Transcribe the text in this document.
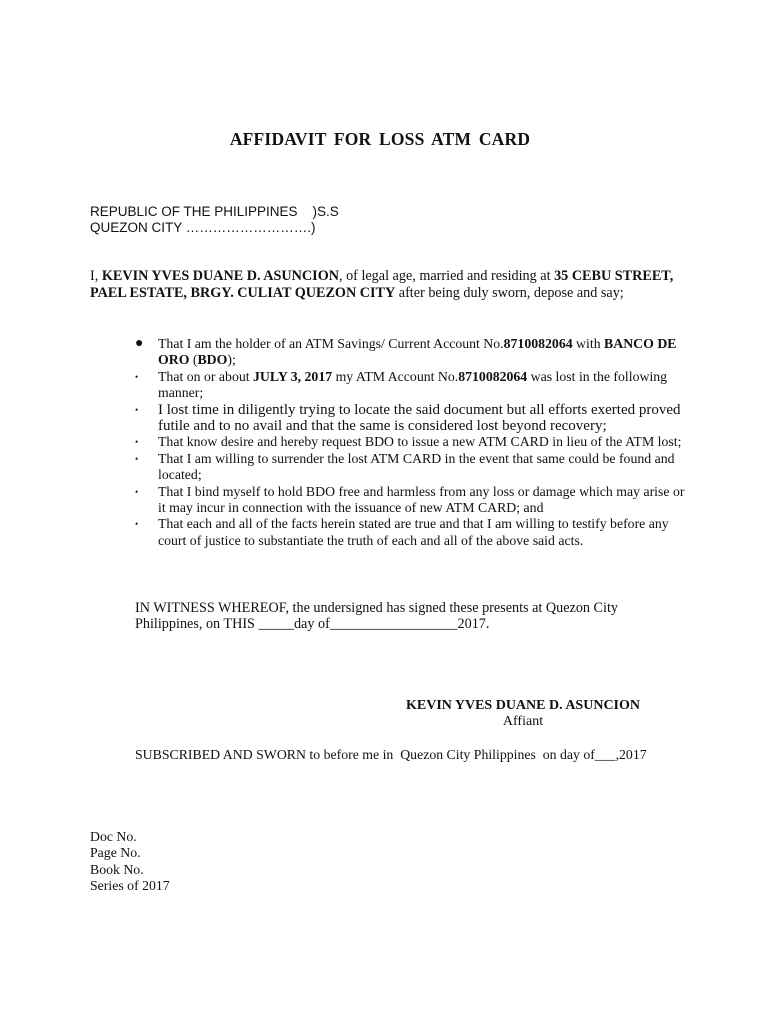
AFFIDAVIT FOR LOSS ATM CARD
REPUBLIC OF THE PHILIPPINES    )S.S
QUEZON CITY ……………………….)
I, KEVIN YVES DUANE D. ASUNCION, of legal age, married and residing at 35 CEBU STREET, PAEL ESTATE, BRGY. CULIAT QUEZON CITY after being duly sworn, depose and say;
● That I am the holder of an ATM Savings/ Current Account No.8710082064 with BANCO DE ORO (BDO);
• That on or about JULY 3, 2017 my ATM Account No.8710082064 was lost in the following manner;
• I lost time in diligently trying to locate the said document but all efforts exerted proved futile and to no avail and that the same is considered lost beyond recovery;
• That know desire and hereby request BDO to issue a new ATM CARD in lieu of the ATM lost;
• That I am willing to surrender the lost ATM CARD in the event that same could be found and located;
• That I bind myself to hold BDO free and harmless from any loss or damage which may arise or it may incur in connection with the issuance of new ATM CARD; and
• That each and all of the facts herein stated are true and that I am willing to testify before any court of justice to substantiate the truth of each and all of the above said acts.
IN WITNESS WHEREOF, the undersigned has signed these presents at Quezon City Philippines, on THIS _____day of__________________2017.
KEVIN YVES DUANE D. ASUNCION
Affiant
SUBSCRIBED AND SWORN to before me in  Quezon City Philippines  on day of___,2017
Doc No.
Page No.
Book No.
Series of 2017
